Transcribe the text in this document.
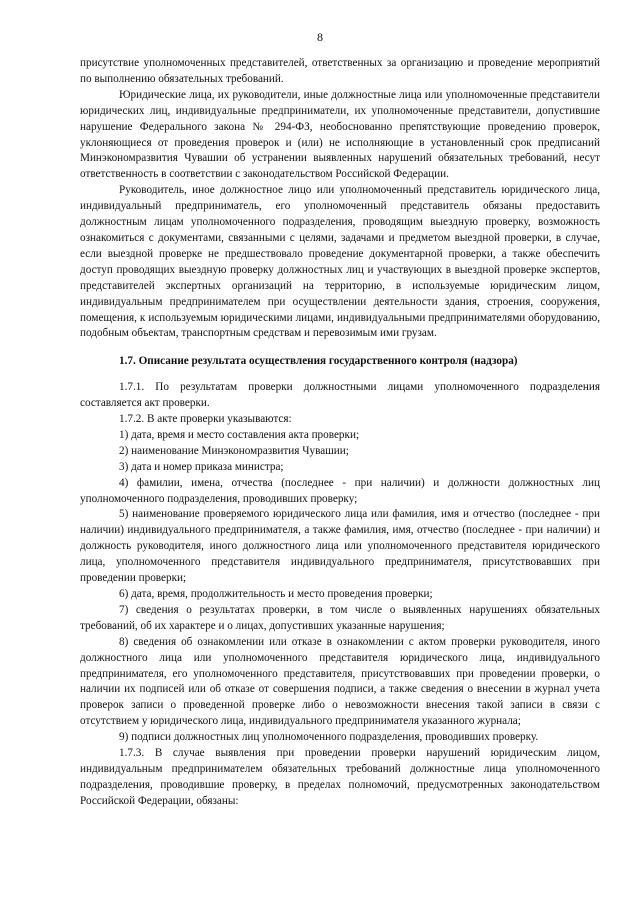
8

присутствие уполномоченных представителей, ответственных за организацию и проведение мероприятий по выполнению обязательных требований.

Юридические лица, их руководители, иные должностные лица или уполномоченные представители юридических лиц, индивидуальные предприниматели, их уполномоченные представители, допустившие нарушение Федерального закона № 294-ФЗ, необоснованно препятствующие проведению проверок, уклоняющиеся от проведения проверок и (или) не исполняющие в установленный срок предписаний Минэкономразвития Чувашии об устранении выявленных нарушений обязательных требований, несут ответственность в соответствии с законодательством Российской Федерации.

Руководитель, иное должностное лицо или уполномоченный представитель юридического лица, индивидуальный предприниматель, его уполномоченный представитель обязаны предоставить должностным лицам уполномоченного подразделения, проводящим выездную проверку, возможность ознакомиться с документами, связанными с целями, задачами и предметом выездной проверки, в случае, если выездной проверке не предшествовало проведение документарной проверки, а также обеспечить доступ проводящих выездную проверку должностных лиц и участвующих в выездной проверке экспертов, представителей экспертных организаций на территорию, в используемые юридическим лицом, индивидуальным предпринимателем при осуществлении деятельности здания, строения, сооружения, помещения, к используемым юридическими лицами, индивидуальными предпринимателями оборудованию, подобным объектам, транспортным средствам и перевозимым ими грузам.

1.7. Описание результата осуществления государственного контроля (надзора)

1.7.1. По результатам проверки должностными лицами уполномоченного подразделения составляется акт проверки.

1.7.2. В акте проверки указываются:

1) дата, время и место составления акта проверки;

2) наименование Минэкономразвития Чувашии;

3) дата и номер приказа министра;

4) фамилии, имена, отчества (последнее - при наличии) и должности должностных лиц уполномоченного подразделения, проводивших проверку;

5) наименование проверяемого юридического лица или фамилия, имя и отчество (последнее - при наличии) индивидуального предпринимателя, а также фамилия, имя, отчество (последнее - при наличии) и должность руководителя, иного должностного лица или уполномоченного представителя юридического лица, уполномоченного представителя индивидуального предпринимателя, присутствовавших при проведении проверки;

6) дата, время, продолжительность и место проведения проверки;

7) сведения о результатах проверки, в том числе о выявленных нарушениях обязательных требований, об их характере и о лицах, допустивших указанные нарушения;

8) сведения об ознакомлении или отказе в ознакомлении с актом проверки руководителя, иного должностного лица или уполномоченного представителя юридического лица, индивидуального предпринимателя, его уполномоченного представителя, присутствовавших при проведении проверки, о наличии их подписей или об отказе от совершения подписи, а также сведения о внесении в журнал учета проверок записи о проведенной проверке либо о невозможности внесения такой записи в связи с отсутствием у юридического лица, индивидуального предпринимателя указанного журнала;

9) подписи должностных лиц уполномоченного подразделения, проводивших проверку.

1.7.3. В случае выявления при проведении проверки нарушений юридическим лицом, индивидуальным предпринимателем обязательных требований должностные лица уполномоченного подразделения, проводившие проверку, в пределах полномочий, предусмотренных законодательством Российской Федерации, обязаны:
